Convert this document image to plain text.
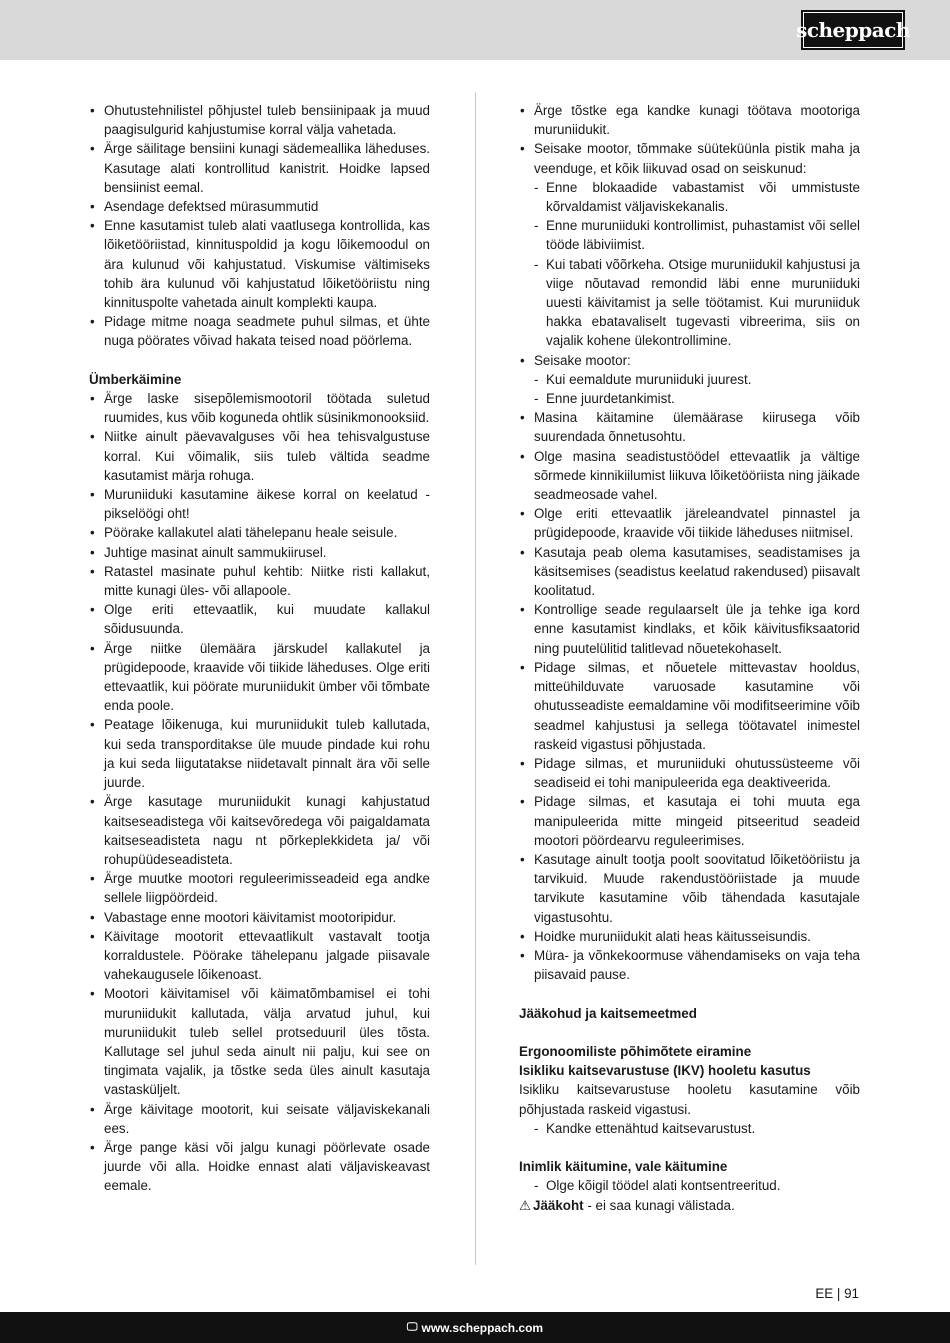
scheppach
• Ohutustehnilistel põhjustel tuleb bensiinipaak ja muud paagisulgurid kahjustumise korral välja vahetada.
• Ärge säilitage bensiini kunagi sädemeallika läheduses. Kasutage alati kontrollitud kanistrit. Hoidke lapsed bensiinist eemal.
• Asendage defektsed mürasummutid
• Enne kasutamist tuleb alati vaatlusega kontrollida, kas lõiketööriistad, kinnituspoldid ja kogu lõikemoodul on ära kulunud või kahjustatud. Viskumise vältimiseks tohib ära kulunud või kahjustatud lõiketööriistu ning kinnituspolte vahetada ainult komplekti kaupa.
• Pidage mitme noaga seadmete puhul silmas, et ühte nuga pöörates võivad hakata teised noad pöörlema.

Ümberkäimine

• Ärge laske sisepõlemismootoril töötada suletud ruumides, kus võib koguneda ohtlik süsinikmonooksiid.
• Niitke ainult päevavalguses või hea tehisvalgustuse korral. Kui võimalik, siis tuleb vältida seadme kasutamist märja rohuga.
• Muruniiduki kasutamine äikese korral on keelatud - pikselöögi oht!
• Pöörake kallakutel alati tähelepanu heale seisule.
• Juhtige masinat ainult sammukiirusel.
• Ratastel masinate puhul kehtib: Niitke risti kallakut, mitte kunagi üles- või allapoole.
• Olge eriti ettevaatlik, kui muudate kallakul sõidusuunda.
• Ärge niitke ülemäära järskudel kallakutel ja prügidepoode, kraavide või tiikide läheduses. Olge eriti ettevaatlik, kui pöörate muruniidukit ümber või tõmbate enda poole.
• Peatage lõikenuga, kui muruniidukit tuleb kallutada, kui seda transporditakse üle muude pindade kui rohu ja kui seda liigutatakse niidetavalt pinnalt ära või selle juurde.
• Ärge kasutage muruniidukit kunagi kahjustatud kaitseseadistega või kaitsevõredega või paigaldamata kaitseseadisteta nagu nt põrkeplekkideta ja/ või rohupüüdeseadisteta.
• Ärge muutke mootori reguleerimisseadeid ega andke sellele liigpöördeid.
• Vabastage enne mootori käivitamist mootoripidur.
• Käivitage mootorit ettevaatlikult vastavalt tootja korraldustele. Pöörake tähelepanu jalgade piisavale vahekaugusele lõikenoast.
• Mootori käivitamisel või käimatõmbamisel ei tohi muruniidukit kallutada, välja arvatud juhul, kui muruniidukit tuleb sellel protseduuril üles tõsta. Kallutage sel juhul seda ainult nii palju, kui see on tingimata vajalik, ja tõstke seda üles ainult kasutaja vastasküljelt.
• Ärge käivitage mootorit, kui seisate väljaviskekanali ees.
• Ärge pange käsi või jalgu kunagi pöörlevate osade juurde või alla. Hoidke ennast alati väljaviskeavast eemale.
• Ärge tõstke ega kandke kunagi töötava mootoriga muruniidukit.
• Seisake mootor, tõmmake süüteküünla pistik maha ja veenduge, et kõik liikuvad osad on seiskunud:
- Enne blokaadide vabastamist või ummistuste kõrvaldamist väljaviskekanalis.
- Enne muruniiduki kontrollimist, puhastamist või sellel tööde läbiviimist.
- Kui tabati võõrkeha. Otsige muruniidukil kahjustusi ja viige nõutavad remondid läbi enne muruniiduki uuesti käivitamist ja selle töötamist. Kui muruniiduk hakka ebatavaliselt tugevasti vibreerima, siis on vajalik kohene ülekontrollimine.
• Seisake mootor:
- Kui eemaldute muruniiduki juurest.
- Enne juurdetankimist.
• Masina käitamine ülemäärase kiirusega võib suurendada õnnetusohtu.
• Olge masina seadistustöödel ettevaatlik ja vältige sõrmede kinnikiilumist liikuva lõiketööriista ning jäikade seadmeosade vahel.
• Olge eriti ettevaatlik järeleandvatel pinnastel ja prügidepoode, kraavide või tiikide läheduses niitmisel.
• Kasutaja peab olema kasutamises, seadistamises ja käsitsemises (seadistus keelatud rakendused) piisavalt koolitatud.
• Kontrollige seade regulaarselt üle ja tehke iga kord enne kasutamist kindlaks, et kõik käivitusfiksaatorid ning puutelülitid talitlevad nõuetekohaselt.
• Pidage silmas, et nõuetele mittevastav hooldus, mitteühilduvate varuosade kasutamine või ohutusseadiste eemaldamine või modifitseerimine võib seadmel kahjustusi ja sellega töötavatel inimestel raskeid vigastusi põhjustada.
• Pidage silmas, et muruniiduki ohutussüsteeme või seadiseid ei tohi manipuleerida ega deaktiveerida.
• Pidage silmas, et kasutaja ei tohi muuta ega manipuleerida mitte mingeid pitseeritud seadeid mootori pöördearvu reguleerimises.
• Kasutage ainult tootja poolt soovitatud lõiketööriistu ja tarvikuid. Muude rakendustööriistade ja muude tarvikute kasutamine võib tähendada kasutajale vigastusohtu.
• Hoidke muruniidukit alati heas käitusseisundis.
• Müra- ja võnkekoormuse vähendamiseks on vaja teha piisavaid pause.

Jääkohud ja kaitsemeetmed

Ergonoomiliste põhimõtete eiramine

Isikliku kaitsevarustuse (IKV) hooletu kasutus

Isikliku kaitsevarustuse hooletu kasutamine võib põhjustada raskeid vigastusi.

- Kandke ettenähtud kaitsevarustust.

Inimlik käitumine, vale käitumine

- Olge kõigil töödel alati kontsentreeritud.

⚠ Jääkoht - ei saa kunagi välistada.

EE | 91
🖵 www.scheppach.com
